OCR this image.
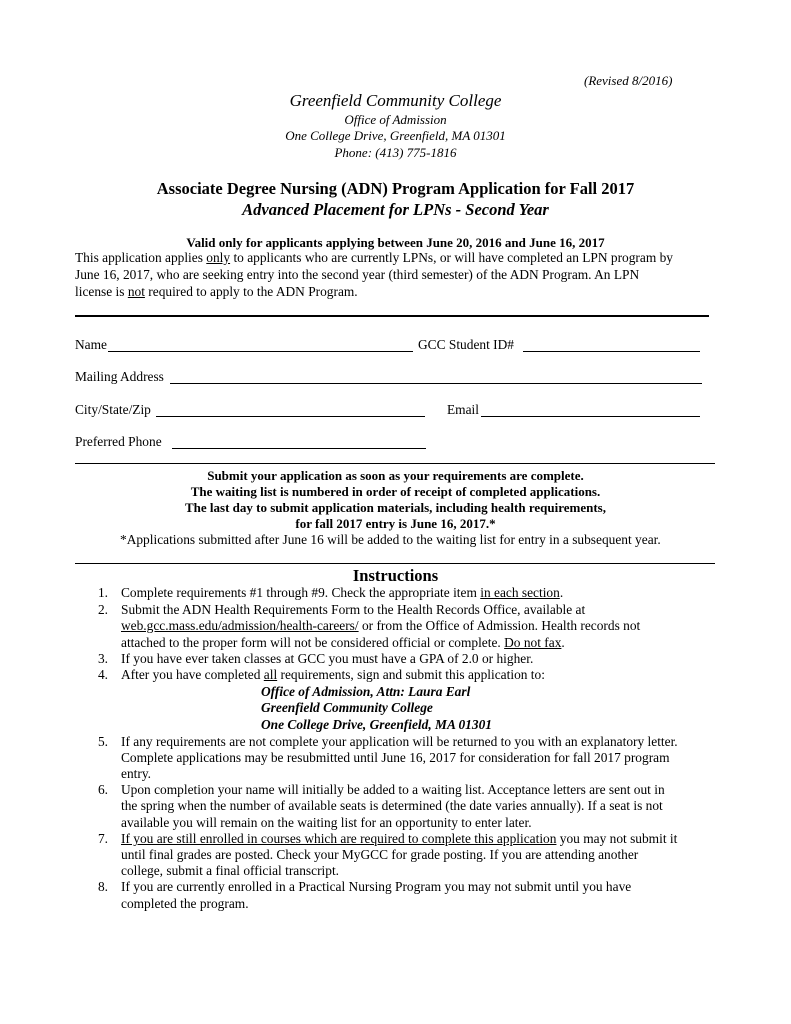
(Revised 8/2016)
Greenfield Community College
Office of Admission
One College Drive, Greenfield, MA 01301
Phone: (413) 775-1816
Associate Degree Nursing (ADN) Program Application for Fall 2017
Advanced Placement for LPNs - Second Year
Valid only for applicants applying between June 20, 2016 and June 16, 2017
This application applies only to applicants who are currently LPNs, or will have completed an LPN program by
June 16, 2017, who are seeking entry into the second year (third semester) of the ADN Program. An LPN
license is not required to apply to the ADN Program.
Name	GCC Student ID#
Mailing Address
City/State/Zip	Email
Preferred Phone
Submit your application as soon as your requirements are complete.
The waiting list is numbered in order of receipt of completed applications.
The last day to submit application materials, including health requirements,
for fall 2017 entry is June 16, 2017.*
*Applications submitted after June 16 will be added to the waiting list for entry in a subsequent year.
Instructions
1. Complete requirements #1 through #9. Check the appropriate item in each section.
2. Submit the ADN Health Requirements Form to the Health Records Office, available at
web.gcc.mass.edu/admission/health-careers/ or from the Office of Admission. Health records not
attached to the proper form will not be considered official or complete. Do not fax.
3. If you have ever taken classes at GCC you must have a GPA of 2.0 or higher.
4. After you have completed all requirements, sign and submit this application to:
Office of Admission, Attn: Laura Earl
Greenfield Community College
One College Drive, Greenfield, MA 01301
5. If any requirements are not complete your application will be returned to you with an explanatory letter.
Complete applications may be resubmitted until June 16, 2017 for consideration for fall 2017 program
entry.
6. Upon completion your name will initially be added to a waiting list. Acceptance letters are sent out in
the spring when the number of available seats is determined (the date varies annually). If a seat is not
available you will remain on the waiting list for an opportunity to enter later.
7. If you are still enrolled in courses which are required to complete this application you may not submit it
until final grades are posted. Check your MyGCC for grade posting. If you are attending another
college, submit a final official transcript.
8. If you are currently enrolled in a Practical Nursing Program you may not submit until you have
completed the program.
